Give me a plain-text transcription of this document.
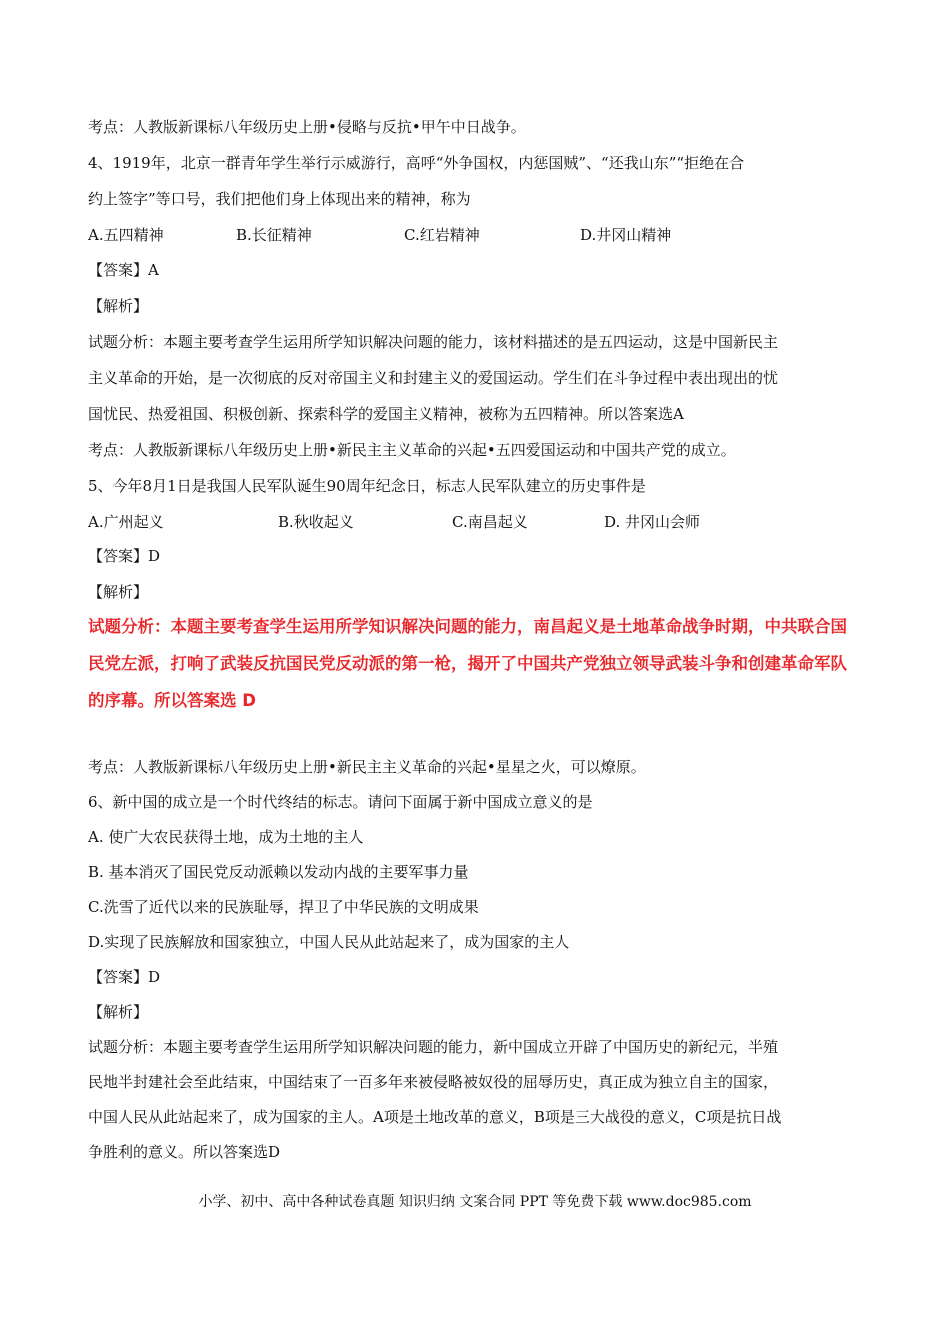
考点：人教版新课标八年级历史上册•侵略与反抗•甲午中日战争。
4、1919年，北京一群青年学生举行示威游行，高呼“外争国权，内惩国贼”、“还我山东”“拒绝在合
约上签字”等口号，我们把他们身上体现出来的精神，称为
A.五四精神	B.长征精神	C.红岩精神	D.井冈山精神
【答案】A
【解析】
试题分析：本题主要考查学生运用所学知识解决问题的能力，该材料描述的是五四运动，这是中国新民主
主义革命的开始，是一次彻底的反对帝国主义和封建主义的爱国运动。学生们在斗争过程中表出现出的忧
国忧民、热爱祖国、积极创新、探索科学的爱国主义精神，被称为五四精神。所以答案选A
考点：人教版新课标八年级历史上册•新民主主义革命的兴起•五四爱国运动和中国共产党的成立。
5、今年8月1日是我国人民军队诞生90周年纪念日，标志人民军队建立的历史事件是
A.广州起义	B.秋收起义	C.南昌起义	D. 井冈山会师
【答案】D
【解析】
试题分析：本题主要考查学生运用所学知识解决问题的能力，南昌起义是土地革命战争时期，中共联合国
民党左派，打响了武装反抗国民党反动派的第一枪，揭开了中国共产党独立领导武装斗争和创建革命军队
的序幕。所以答案选 D
考点：人教版新课标八年级历史上册•新民主主义革命的兴起•星星之火，可以燎原。
6、新中国的成立是一个时代终结的标志。请问下面属于新中国成立意义的是
A. 使广大农民获得土地，成为土地的主人
B. 基本消灭了国民党反动派赖以发动内战的主要军事力量
C.洗雪了近代以来的民族耻辱，捍卫了中华民族的文明成果
D.实现了民族解放和国家独立，中国人民从此站起来了，成为国家的主人
【答案】D
【解析】
试题分析：本题主要考查学生运用所学知识解决问题的能力，新中国成立开辟了中国历史的新纪元，半殖
民地半封建社会至此结束，中国结束了一百多年来被侵略被奴役的屈辱历史，真正成为独立自主的国家，
中国人民从此站起来了，成为国家的主人。A项是土地改革的意义，B项是三大战役的意义，C项是抗日战
争胜利的意义。所以答案选D
小学、初中、高中各种试卷真题 知识归纳 文案合同 PPT 等免费下载 www.doc985.com
